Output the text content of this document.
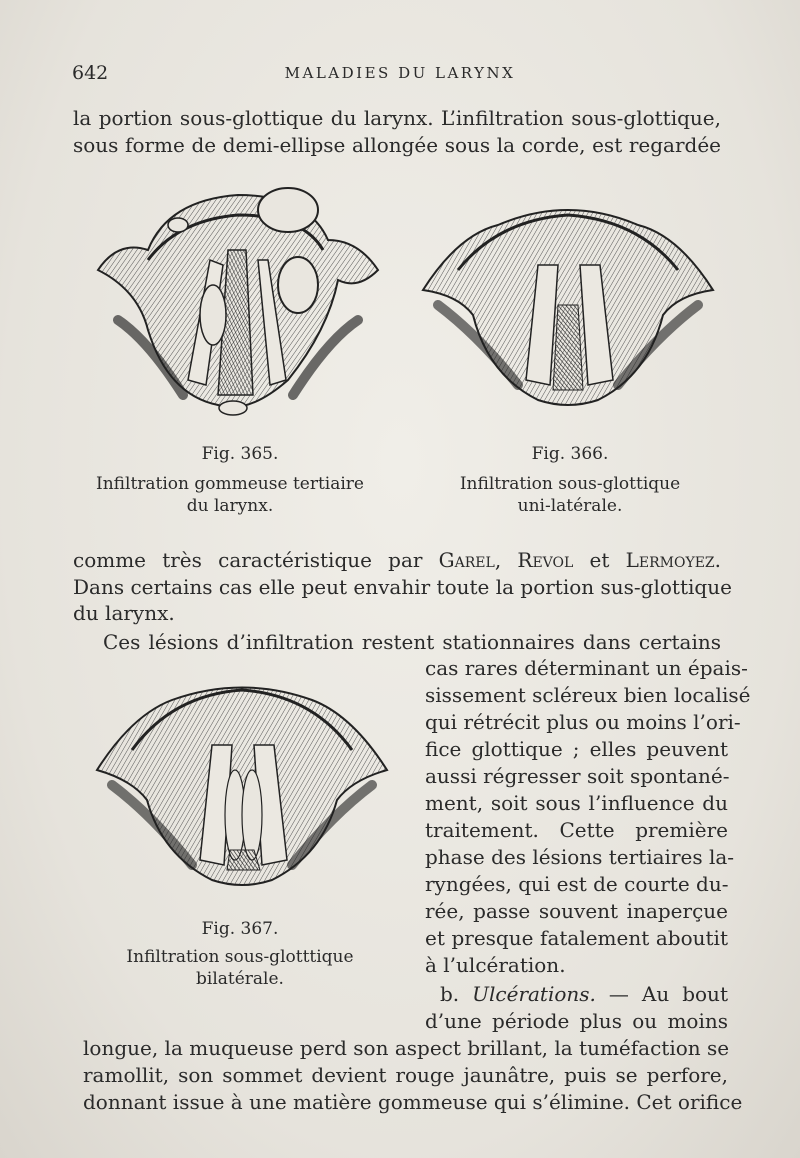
642	MALADIES DU LARYNX
la portion sous-glottique du larynx. L’infiltration sous-glottique,
sous forme de demi-ellipse allongée sous la corde, est regardée
Fig. 365.
Infiltration gommeuse tertiaire
du larynx.
Fig. 366.
Infiltration sous-glottique
uni-latérale.
comme très caractéristique par Garel, Revol et Lermoyez.
Dans certains cas elle peut envahir toute la portion sus-glottique
du larynx.
Ces lésions d’infiltration restent stationnaires dans certains
Fig. 367.
Infiltration sous-glotttique
bilatérale.
cas rares déterminant un épais-
sissement scléreux bien localisé
qui rétrécit plus ou moins l’ori-
fice glottique ; elles peuvent
aussi régresser soit spontané-
ment, soit sous l’influence du
traitement. Cette première
phase des lésions tertiaires la-
ryngées, qui est de courte du-
rée, passe souvent inaperçue
et presque fatalement aboutit
à l’ulcération.
b. Ulcérations. — Au bout
d’une période plus ou moins
longue, la muqueuse perd son aspect brillant, la tuméfaction se
ramollit, son sommet devient rouge jaunâtre, puis se perfore,
donnant issue à une matière gommeuse qui s’élimine. Cet orifice
